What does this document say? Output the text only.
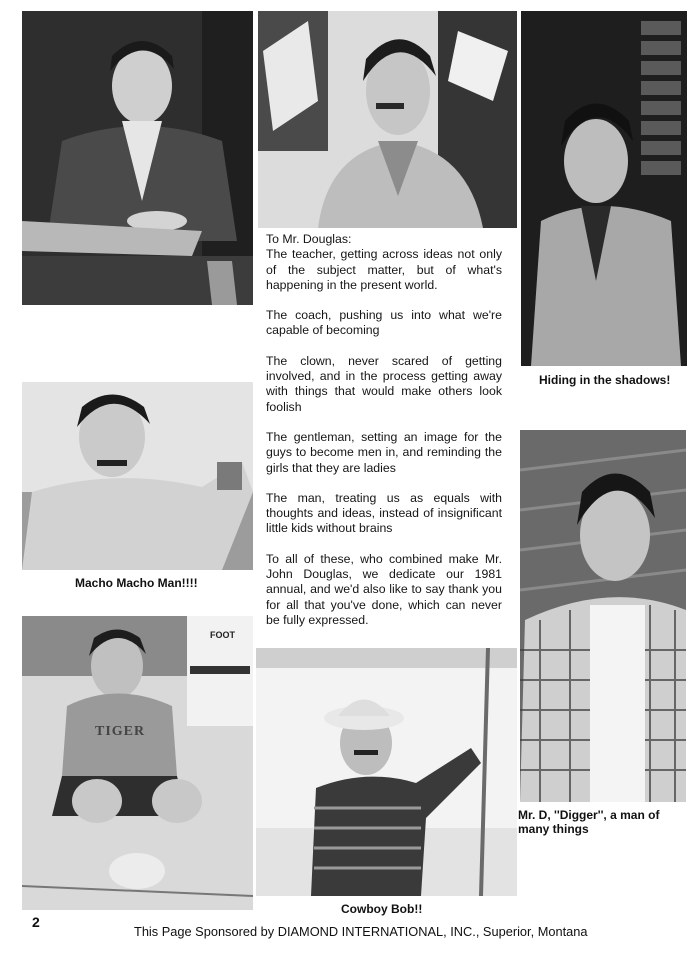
Hiding in the shadows!
Macho Macho Man!!!!
Mr. D, ''Digger'', a man of many things
TIGER
FOOT
Cowboy Bob!!
To Mr. Douglas:

The teacher, getting across ideas not only of the subject matter, but of what's happening in the present world.

The coach, pushing us into what we're capable of becoming

The clown, never scared of getting involved, and in the process getting away with things that would make others look foolish

The gentleman, setting an image for the guys to become men in, and reminding the girls that they are ladies

The man, treating us as equals with thoughts and ideas, instead of insignificant little kids without brains

To all of these, who combined make Mr. John Douglas, we dedicate our 1981 annual, and we'd also like to say thank you for all that you've done, which can never be fully expressed.

2
This Page Sponsored by DIAMOND INTERNATIONAL, INC., Superior, Montana
